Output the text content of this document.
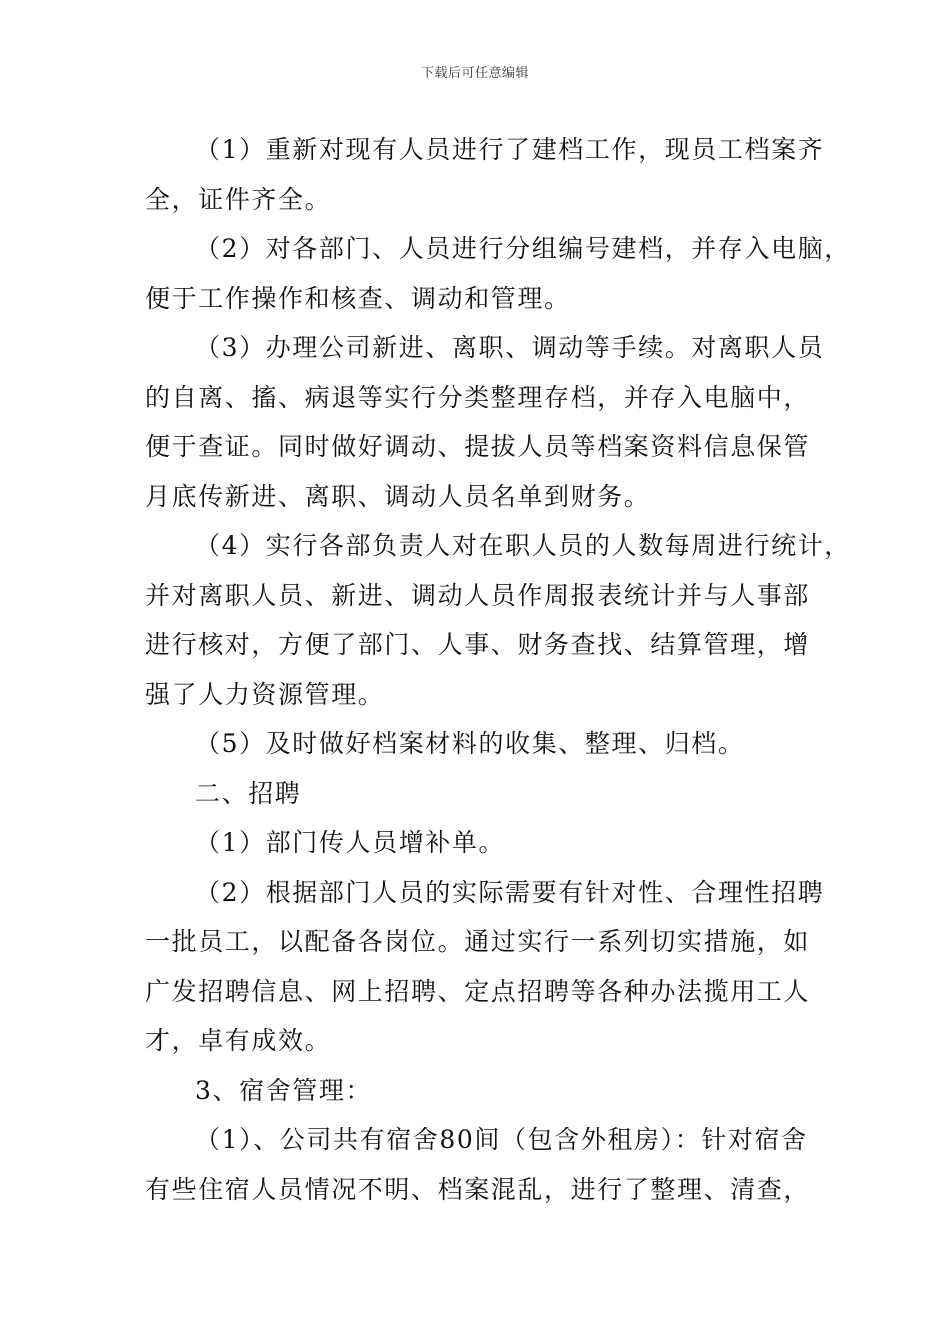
下载后可任意编辑
（1）重新对现有人员进行了建档工作，现员工档案齐
全，证件齐全。
（2）对各部门、人员进行分组编号建档，并存入电脑，
便于工作操作和核查、调动和管理。
（3）办理公司新进、离职、调动等手续。对离职人员
的自离、搐、病退等实行分类整理存档，并存入电脑中，
便于查证。同时做好调动、提拔人员等档案资料信息保管
月底传新进、离职、调动人员名单到财务。
（4）实行各部负责人对在职人员的人数每周进行统计，
并对离职人员、新进、调动人员作周报表统计并与人事部
进行核对，方便了部门、人事、财务查找、结算管理，增
强了人力资源管理。
（5）及时做好档案材料的收集、整理、归档。
二、招聘
（1）部门传人员增补单。
（2）根据部门人员的实际需要有针对性、合理性招聘
一批员工，以配备各岗位。通过实行一系列切实措施，如
广发招聘信息、网上招聘、定点招聘等各种办法揽用工人
才，卓有成效。
3、宿舍管理：
（1）、公司共有宿舍80间（包含外租房）：针对宿舍
有些住宿人员情况不明、档案混乱，进行了整理、清查，
